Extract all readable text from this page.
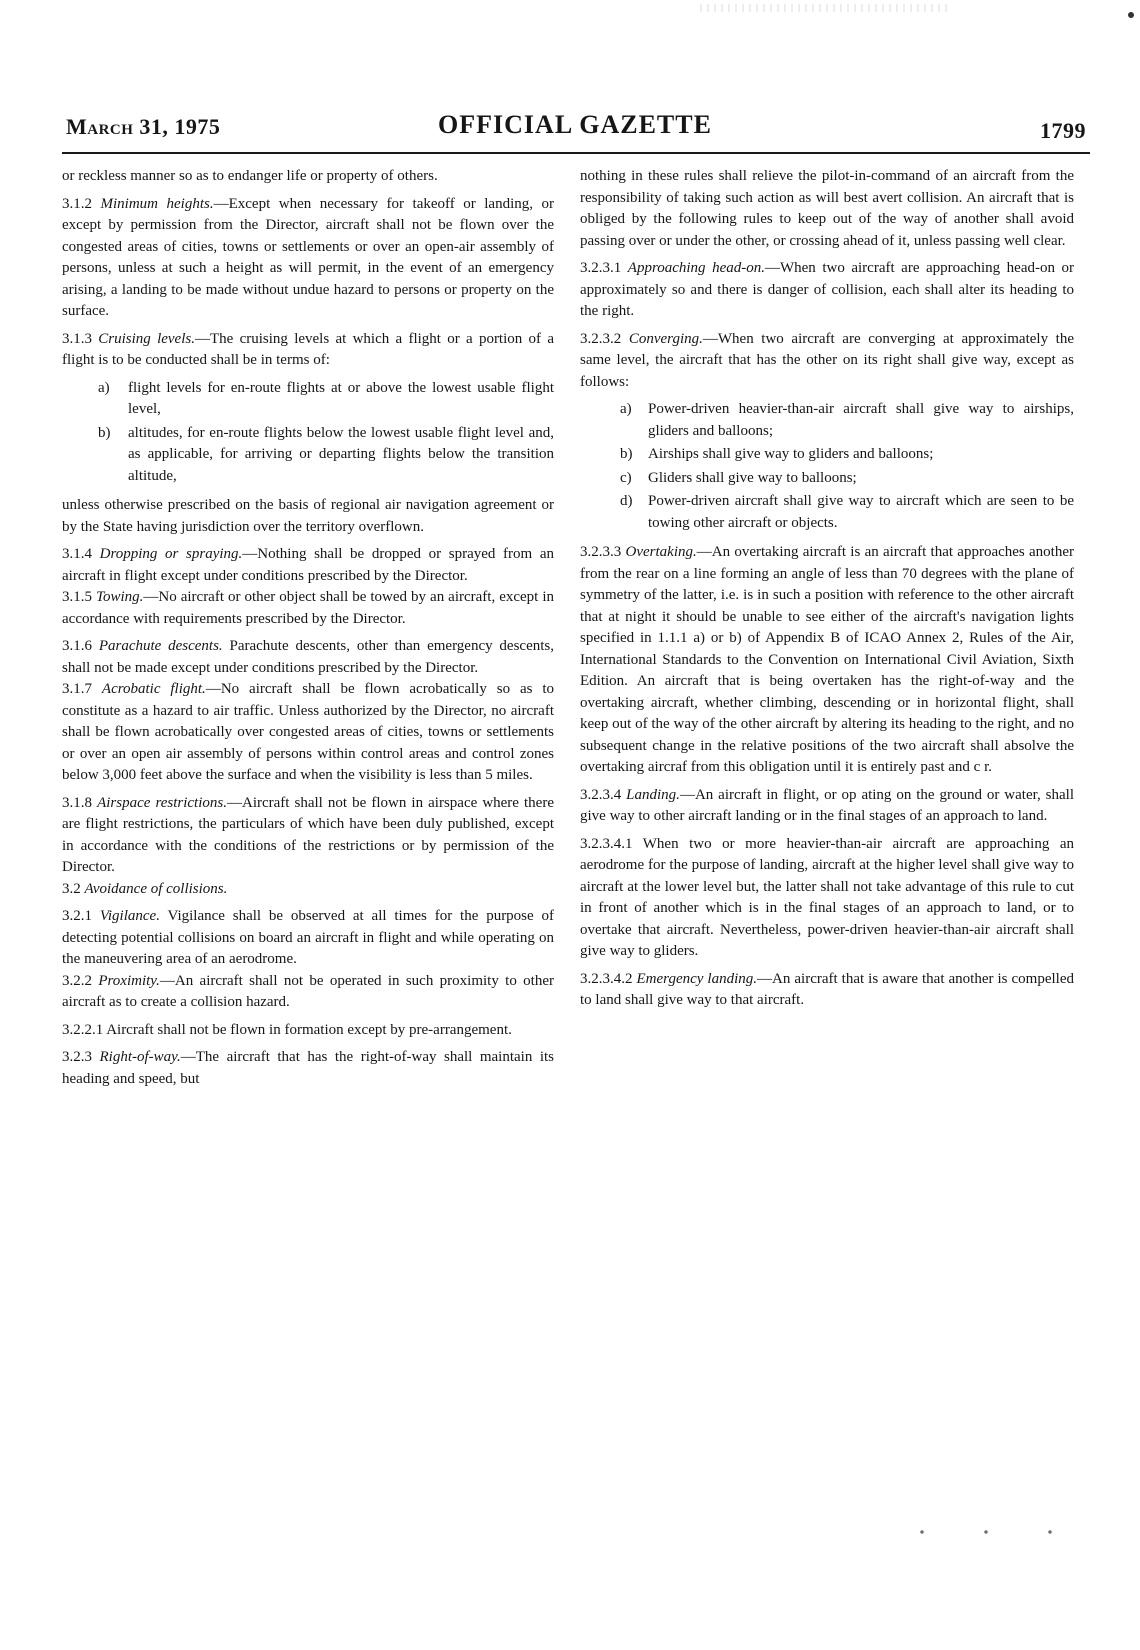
March 31, 1975	OFFICIAL GAZETTE	1799

or reckless manner so as to endanger life or property of others.

3.1.2 Minimum heights.—Except when necessary for takeoff or landing, or except by permission from the Director, aircraft shall not be flown over the congested areas of cities, towns or settlements or over an open-air assembly of persons, unless at such a height as will permit, in the event of an emergency arising, a landing to be made without undue hazard to persons or property on the surface.

3.1.3 Cruising levels.—The cruising levels at which a flight or a portion of a flight is to be conducted shall be in terms of:

a) flight levels for en-route flights at or above the lowest usable flight level,
b) altitudes, for en-route flights below the lowest usable flight level and, as applicable, for arriving or departing flights below the transition altitude,

unless otherwise prescribed on the basis of regional air navigation agreement or by the State having jurisdiction over the territory overflown.

3.1.4 Dropping or spraying.—Nothing shall be dropped or sprayed from an aircraft in flight except under conditions prescribed by the Director.
3.1.5 Towing.—No aircraft or other object shall be towed by an aircraft, except in accordance with requirements prescribed by the Director.

3.1.6 Parachute descents. Parachute descents, other than emergency descents, shall not be made except under conditions prescribed by the Director.
3.1.7 Acrobatic flight.—No aircraft shall be flown acrobatically so as to constitute as a hazard to air traffic. Unless authorized by the Director, no aircraft shall be flown acrobatically over congested areas of cities, towns or settlements or over an open air assembly of persons within control areas and control zones below 3,000 feet above the surface and when the visibility is less than 5 miles.

3.1.8 Airspace restrictions.—Aircraft shall not be flown in airspace where there are flight restrictions, the particulars of which have been duly published, except in accordance with the conditions of the restrictions or by permission of the Director.
3.2 Avoidance of collisions.

3.2.1 Vigilance. Vigilance shall be observed at all times for the purpose of detecting potential collisions on board an aircraft in flight and while operating on the maneuvering area of an aerodrome.
3.2.2 Proximity.—An aircraft shall not be operated in such proximity to other aircraft as to create a collision hazard.

3.2.2.1 Aircraft shall not be flown in formation except by pre-arrangement.

3.2.3 Right-of-way.—The aircraft that has the right-of-way shall maintain its heading and speed, but

nothing in these rules shall relieve the pilot-in-command of an aircraft from the responsibility of taking such action as will best avert collision. An aircraft that is obliged by the following rules to keep out of the way of another shall avoid passing over or under the other, or crossing ahead of it, unless passing well clear.

3.2.3.1 Approaching head-on.—When two aircraft are approaching head-on or approximately so and there is danger of collision, each shall alter its heading to the right.

3.2.3.2 Converging.—When two aircraft are converging at approximately the same level, the aircraft that has the other on its right shall give way, except as follows:

a) Power-driven heavier-than-air aircraft shall give way to airships, gliders and balloons;
b) Airships shall give way to gliders and balloons;
c) Gliders shall give way to balloons;
d) Power-driven aircraft shall give way to aircraft which are seen to be towing other aircraft or objects.

3.2.3.3 Overtaking.—An overtaking aircraft is an aircraft that approaches another from the rear on a line forming an angle of less than 70 degrees with the plane of symmetry of the latter, i.e. is in such a position with reference to the other aircraft that at night it should be unable to see either of the aircraft's navigation lights specified in 1.1.1 a) or b) of Appendix B of ICAO Annex 2, Rules of the Air, International Standards to the Convention on International Civil Aviation, Sixth Edition. An aircraft that is being overtaken has the right-of-way and the overtaking aircraft, whether climbing, descending or in horizontal flight, shall keep out of the way of the other aircraft by altering its heading to the right, and no subsequent change in the relative positions of the two aircraft shall absolve the overtaking aircraf from this obligation until it is entirely past and c r.

3.2.3.4 Landing.—An aircraft in flight, or op ating on the ground or water, shall give way to other aircraft landing or in the final stages of an approach to land.

3.2.3.4.1 When two or more heavier-than-air aircraft are approaching an aerodrome for the purpose of landing, aircraft at the higher level shall give way to aircraft at the lower level but, the latter shall not take advantage of this rule to cut in front of another which is in the final stages of an approach to land, or to overtake that aircraft. Nevertheless, power-driven heavier-than-air aircraft shall give way to gliders.

3.2.3.4.2 Emergency landing.—An aircraft that is aware that another is compelled to land shall give way to that aircraft.
